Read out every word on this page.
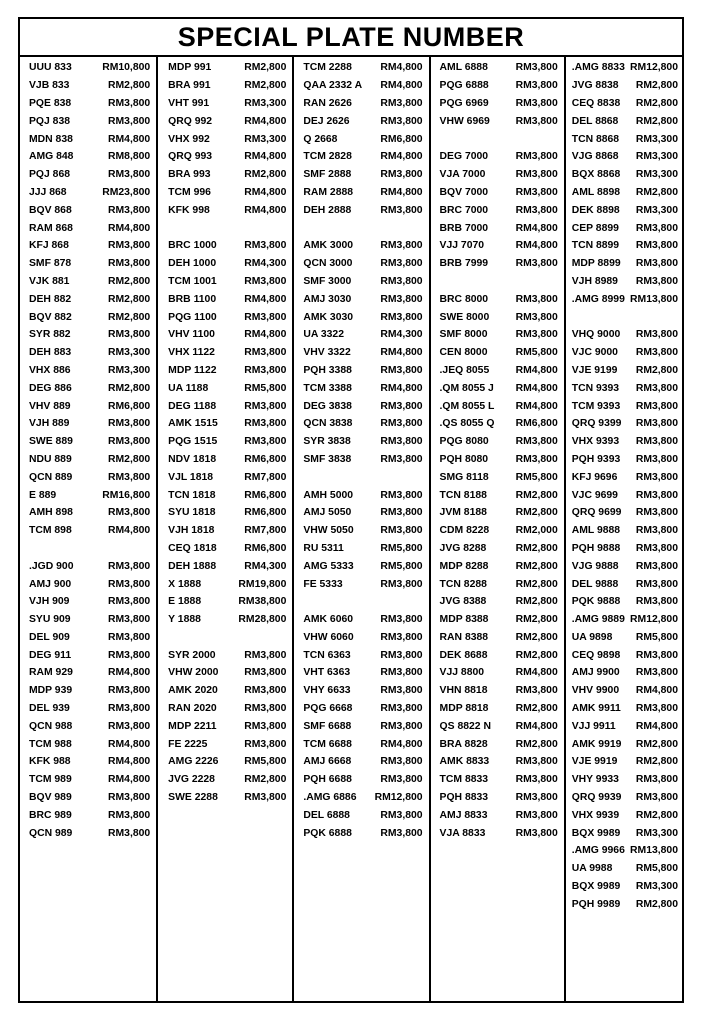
SPECIAL PLATE NUMBER
UUU 833	RM10,800
VJB 833	RM2,800
PQE 838	RM3,800
PQJ 838	RM3,800
MDN 838	RM4,800
AMG 848	RM8,800
PQJ 868	RM3,800
JJJ 868	RM23,800
BQV 868	RM3,800
RAM 868	RM4,800
KFJ 868	RM3,800
SMF 878	RM3,800
VJK 881	RM2,800
DEH 882	RM2,800
BQV 882	RM2,800
SYR 882	RM3,800
DEH 883	RM3,300
VHX 886	RM3,300
DEG 886	RM2,800
VHV 889	RM6,800
VJH 889	RM3,800
SWE 889	RM3,800
NDU 889	RM2,800
QCN 889	RM3,800
E 889	RM16,800
AMH 898	RM3,800
TCM 898	RM4,800
.JGD 900	RM3,800
AMJ 900	RM3,800
VJH 909	RM3,800
SYU 909	RM3,800
DEL 909	RM3,800
DEG 911	RM3,800
RAM 929	RM4,800
MDP 939	RM3,800
DEL 939	RM3,800
QCN 988	RM3,800
TCM 988	RM4,800
KFK 988	RM4,800
TCM 989	RM4,800
BQV 989	RM3,800
BRC 989	RM3,800
QCN 989	RM3,800
MDP 991	RM2,800
BRA 991	RM2,800
VHT 991	RM3,300
QRQ 992	RM4,800
VHX 992	RM3,300
QRQ 993	RM4,800
BRA 993	RM2,800
TCM 996	RM4,800
KFK 998	RM4,800
BRC 1000	RM3,800
DEH 1000	RM4,300
TCM 1001	RM3,800
BRB 1100	RM4,800
PQG 1100	RM3,800
VHV 1100	RM4,800
VHX 1122	RM3,800
MDP 1122	RM3,800
UA 1188	RM5,800
DEG 1188	RM3,800
AMK 1515	RM3,800
PQG 1515	RM3,800
NDV 1818	RM6,800
VJL 1818	RM7,800
TCN 1818	RM6,800
SYU 1818	RM6,800
VJH 1818	RM7,800
CEQ 1818	RM6,800
DEH 1888	RM4,300
X 1888	RM19,800
E 1888	RM38,800
Y 1888	RM28,800
SYR 2000	RM3,800
VHW 2000 RM3,800
AMK 2020	RM3,800
RAN 2020	RM3,800
MDP 2211	RM3,800
FE 2225	RM3,800
AMG 2226 RM5,800
JVG 2228	RM2,800
SWE 2288	RM3,800
TCM 2288	RM4,800
QAA 2332 A RM4,800
RAN 2626	RM3,800
DEJ 2626	RM3,800
Q 2668	RM6,800
TCM 2828	RM4,800
SMF 2888	RM3,800
RAM 2888	RM4,800
DEH 2888	RM3,800
AMK 3000	RM3,800
QCN 3000	RM3,800
SMF 3000	RM3,800
AMJ 3030	RM3,800
AMK 3030	RM3,800
UA 3322	RM4,300
VHV 3322	RM4,800
PQH 3388	RM3,800
TCM 3388	RM4,800
DEG 3838	RM3,800
QCN 3838	RM3,800
SYR 3838	RM3,800
SMF 3838	RM3,800
AMH 5000	RM3,800
AMJ 5050	RM3,800
VHW 5050	RM3,800
RU 5311	RM5,800
AMG 5333	RM5,800
FE 5333	RM3,800
AMK 6060	RM3,800
VHW 6060	RM3,800
TCN 6363	RM3,800
VHT 6363	RM3,800
VHY 6633	RM3,800
PQG 6668	RM3,800
SMF 6688	RM3,800
TCM 6688	RM4,800
AMJ 6668	RM3,800
PQH 6688	RM3,800
.AMG 6886 RM12,800
DEL 6888	RM3,800
PQK 6888	RM3,800
AML 6888	RM3,800
PQG 6888	RM3,800
PQG 6969	RM3,800
VHW 6969 RM3,800
DEG 7000	RM3,800
VJA 7000	RM3,800
BQV 7000	RM3,800
BRC 7000	RM3,800
BRB 7000	RM4,800
VJJ 7070	RM4,800
BRB 7999	RM3,800
BRC 8000	RM3,800
SWE 8000	RM3,800
SMF 8000	RM3,800
CEN 8000	RM5,800
.JEQ 8055	RM4,800
.QM 8055 J RM4,800
.QM 8055 L RM4,800
.QS 8055 Q RM6,800
PQG 8080	RM3,800
PQH 8080	RM3,800
SMG 8118	RM5,800
TCN 8188	RM2,800
JVM 8188	RM2,800
CDM 8228	RM2,000
JVG 8288	RM2,800
MDP 8288	RM2,800
TCN 8288	RM2,800
JVG 8388	RM2,800
MDP 8388	RM2,800
RAN 8388	RM2,800
DEK 8688	RM2,800
VJJ 8800	RM4,800
VHN 8818	RM3,800
MDP 8818	RM2,800
QS 8822 N RM4,800
BRA 8828	RM2,800
AMK 8833	RM3,800
TCM 8833	RM3,800
PQH 8833	RM3,800
AMJ 8833	RM3,800
VJA 8833	RM3,800
.AMG 8833 RM12,800
JVG 8838 RM2,800
CEQ 8838 RM2,800
DEL 8868 RM2,800
TCN 8868 RM3,300
VJG 8868 RM3,300
BQX 8868 RM3,300
AML 8898 RM2,800
DEK 8898 RM3,300
CEP 8899 RM3,800
TCN 8899 RM3,800
MDP 8899 RM3,800
VJH 8989 RM3,800
.AMG 8999 RM13,800
VHQ 9000 RM3,800
VJC 9000 RM3,800
VJE 9199 RM2,800
TCN 9393 RM3,800
TCM 9393 RM3,800
QRQ 9399 RM3,800
VHX 9393 RM3,800
PQH 9393 RM3,800
KFJ 9696 RM3,800
VJC 9699 RM3,800
QRQ 9699 RM3,800
AML 9888 RM3,800
PQH 9888 RM3,800
VJG 9888 RM3,800
DEL 9888 RM3,800
PQK 9888 RM3,800
.AMG 9889 RM12,800
UA 9898 RM5,800
CEQ 9898 RM3,800
AMJ 9900 RM3,800
VHV 9900 RM4,800
AMK 9911 RM3,800
VJJ 9911 RM4,800
AMK 9919 RM2,800
VJE 9919 RM2,800
VHY 9933 RM3,800
QRQ 9939 RM3,800
VHX 9939 RM2,800
BQX 9989 RM3,300
.AMG 9966 RM13,800
UA 9988 RM5,800
BQX 9989 RM3,300
PQH 9989 RM2,800
